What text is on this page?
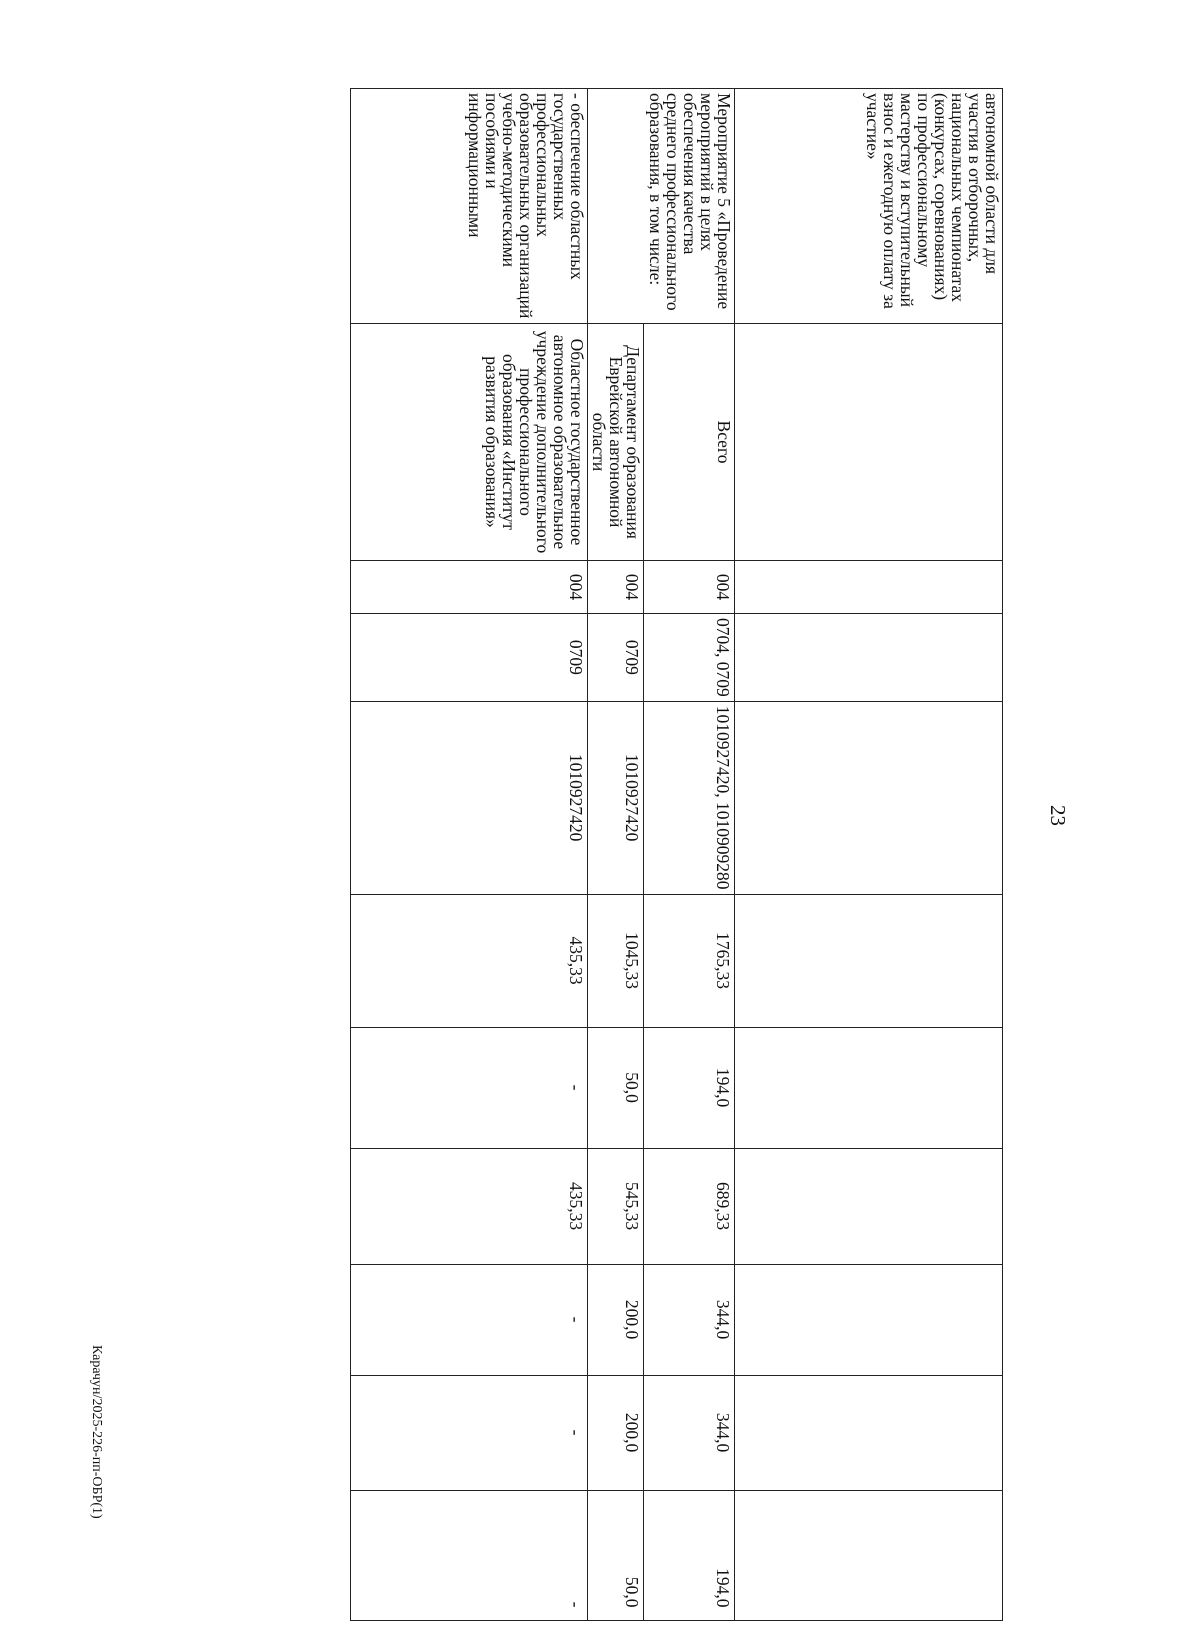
23
автономной области для участия в отборочных, национальных чемпионатах (конкурсах, соревнованиях) по профессиональному мастерству и вступительный взнос и ежегодную оплату за участие»										
Мероприятие 5 «Проведение мероприятий в целях обеспечения качества среднего профессионального образования, в том числе:	Всего	004	0704, 0709	1010927420, 1010909280	1765,33	194,0	689,33	344,0	344,0	194,0
	Департамент образования Еврейской автономной области	004	0709	1010927420	1045,33	50,0	545,33	200,0	200,0	50,0
- обеспечение областных государственных профессиональных образовательных организаций учебно-методическими пособиями и информационными	Областное государственное автономное образовательное учреждение дополнительного профессионального образования «Институт развития образования»	004	0709	1010927420	435,33	-	435,33	-	-	-
Карачун/2025-226-пп-ОБР(1)
